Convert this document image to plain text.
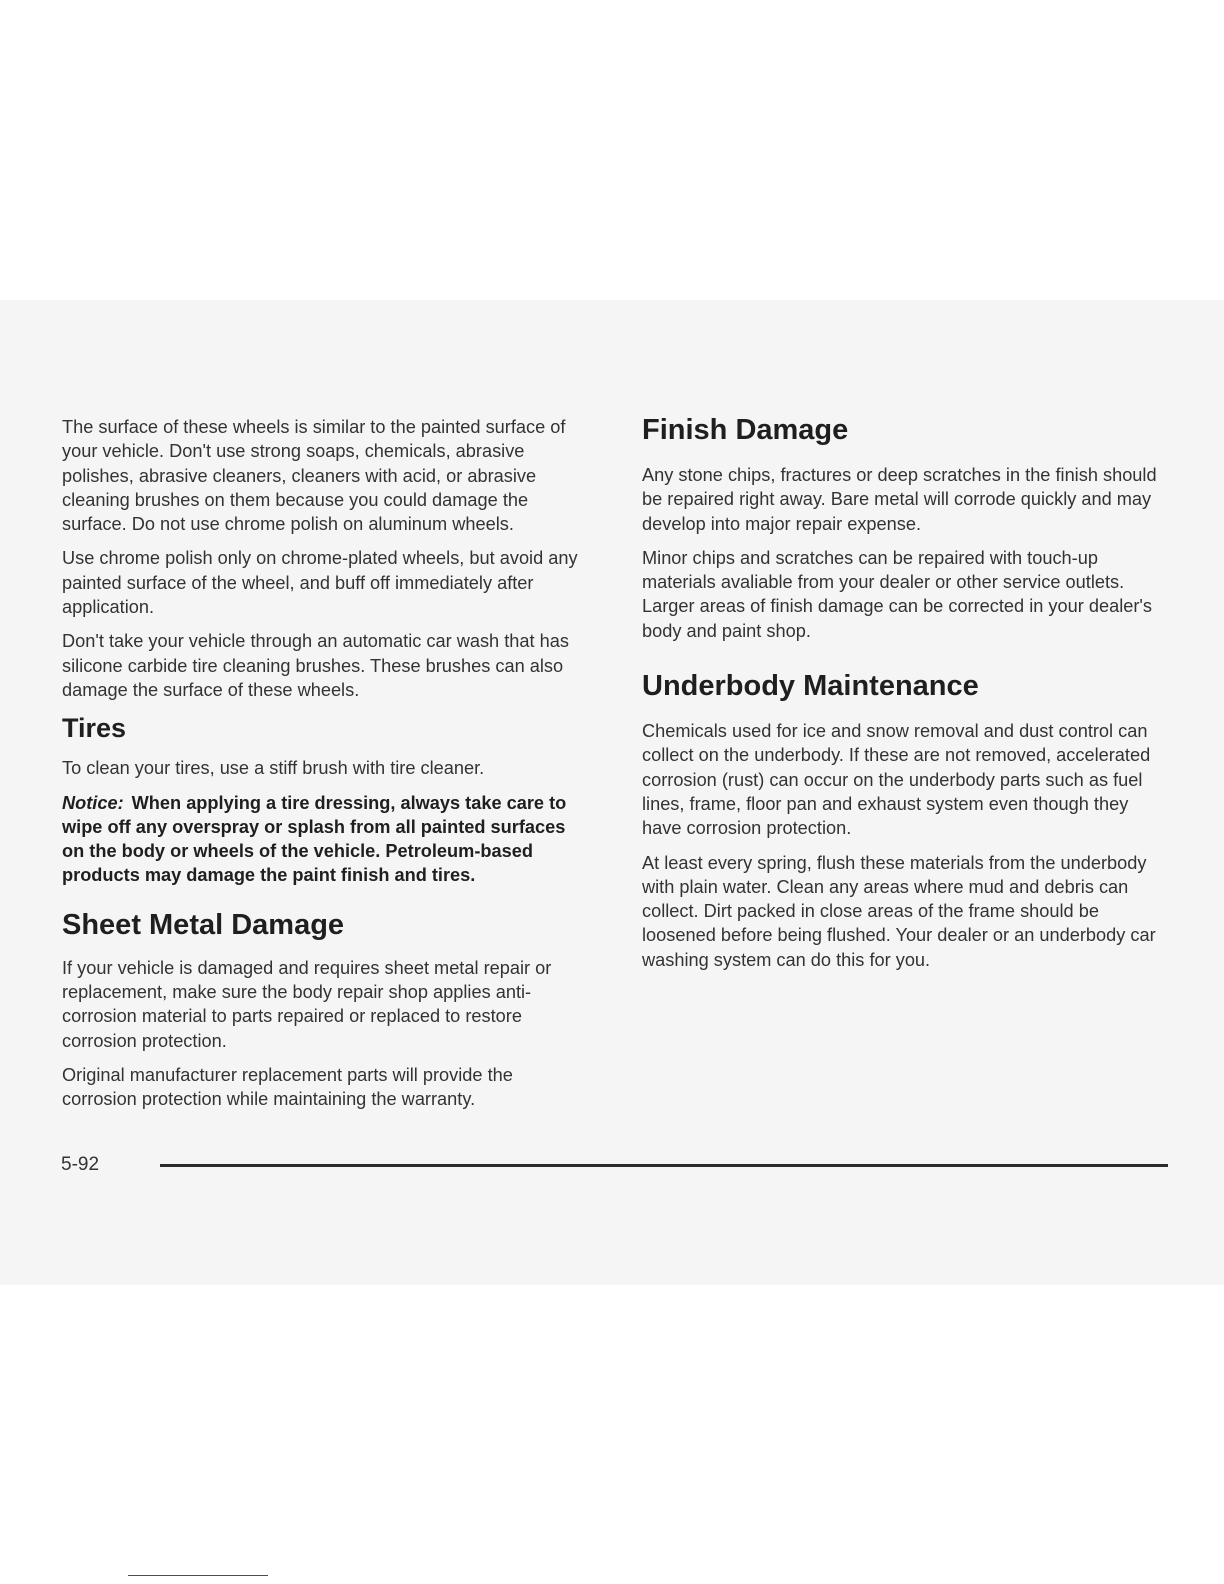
The surface of these wheels is similar to the painted surface of your vehicle. Don't use strong soaps, chemicals, abrasive polishes, abrasive cleaners, cleaners with acid, or abrasive cleaning brushes on them because you could damage the surface. Do not use chrome polish on aluminum wheels.

Use chrome polish only on chrome-plated wheels, but avoid any painted surface of the wheel, and buff off immediately after application.

Don't take your vehicle through an automatic car wash that has silicone carbide tire cleaning brushes. These brushes can also damage the surface of these wheels.

Tires

To clean your tires, use a stiff brush with tire cleaner.

Notice: When applying a tire dressing, always take care to wipe off any overspray or splash from all painted surfaces on the body or wheels of the vehicle. Petroleum-based products may damage the paint finish and tires.

Sheet Metal Damage

If your vehicle is damaged and requires sheet metal repair or replacement, make sure the body repair shop applies anti-corrosion material to parts repaired or replaced to restore corrosion protection.

Original manufacturer replacement parts will provide the corrosion protection while maintaining the warranty.

Finish Damage

Any stone chips, fractures or deep scratches in the finish should be repaired right away. Bare metal will corrode quickly and may develop into major repair expense.

Minor chips and scratches can be repaired with touch-up materials avaliable from your dealer or other service outlets. Larger areas of finish damage can be corrected in your dealer's body and paint shop.

Underbody Maintenance

Chemicals used for ice and snow removal and dust control can collect on the underbody. If these are not removed, accelerated corrosion (rust) can occur on the underbody parts such as fuel lines, frame, floor pan and exhaust system even though they have corrosion protection.

At least every spring, flush these materials from the underbody with plain water. Clean any areas where mud and debris can collect. Dirt packed in close areas of the frame should be loosened before being flushed. Your dealer or an underbody car washing system can do this for you.

5-92
